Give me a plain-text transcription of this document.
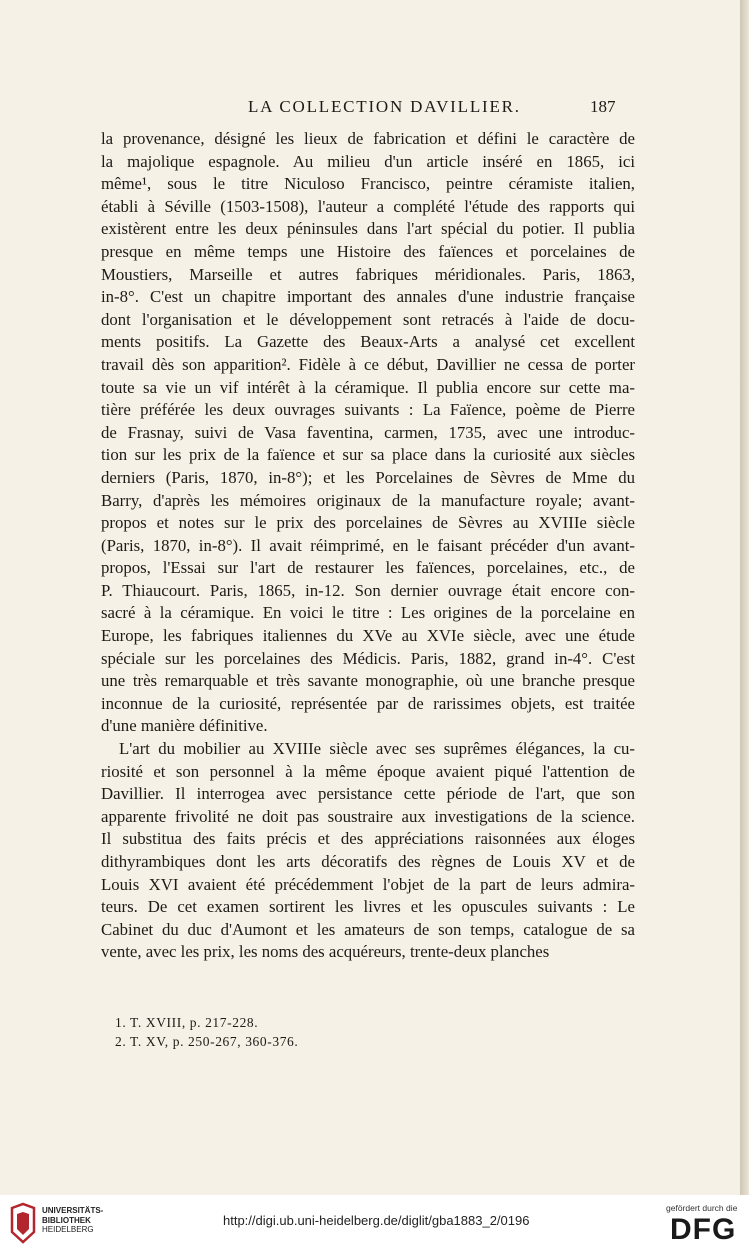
LA COLLECTION DAVILLIER.	187
la provenance, désigné les lieux de fabrication et défini le caractère de
la majolique espagnole. Au milieu d'un article inséré en 1865, ici
même¹, sous le titre Niculoso Francisco, peintre céramiste italien,
établi à Séville (1503-1508), l'auteur a complété l'étude des rapports qui
existèrent entre les deux péninsules dans l'art spécial du potier. Il publia
presque en même temps une Histoire des faïences et porcelaines de
Moustiers, Marseille et autres fabriques méridionales. Paris, 1863,
in-8°. C'est un chapitre important des annales d'une industrie française
dont l'organisation et le développement sont retracés à l'aide de docu-
ments positifs. La Gazette des Beaux-Arts a analysé cet excellent
travail dès son apparition². Fidèle à ce début, Davillier ne cessa de porter
toute sa vie un vif intérêt à la céramique. Il publia encore sur cette ma-
tière préférée les deux ouvrages suivants : La Faïence, poème de Pierre
de Frasnay, suivi de Vasa faventina, carmen, 1735, avec une introduc-
tion sur les prix de la faïence et sur sa place dans la curiosité aux siècles
derniers (Paris, 1870, in-8°); et les Porcelaines de Sèvres de Mme du
Barry, d'après les mémoires originaux de la manufacture royale; avant-
propos et notes sur le prix des porcelaines de Sèvres au XVIIIe siècle
(Paris, 1870, in-8°). Il avait réimprimé, en le faisant précéder d'un avant-
propos, l'Essai sur l'art de restaurer les faïences, porcelaines, etc., de
P. Thiaucourt. Paris, 1865, in-12. Son dernier ouvrage était encore con-
sacré à la céramique. En voici le titre : Les origines de la porcelaine en
Europe, les fabriques italiennes du XVe au XVIe siècle, avec une étude
spéciale sur les porcelaines des Médicis. Paris, 1882, grand in-4°. C'est
une très remarquable et très savante monographie, où une branche presque
inconnue de la curiosité, représentée par de rarissimes objets, est traitée
d'une manière définitive.
L'art du mobilier au XVIIIe siècle avec ses suprêmes élégances, la cu-
riosité et son personnel à la même époque avaient piqué l'attention de
Davillier. Il interrogea avec persistance cette période de l'art, que son
apparente frivolité ne doit pas soustraire aux investigations de la science.
Il substitua des faits précis et des appréciations raisonnées aux éloges
dithyrambiques dont les arts décoratifs des règnes de Louis XV et de
Louis XVI avaient été précédemment l'objet de la part de leurs admira-
teurs. De cet examen sortirent les livres et les opuscules suivants : Le
Cabinet du duc d'Aumont et les amateurs de son temps, catalogue de sa
vente, avec les prix, les noms des acquéreurs, trente-deux planches
1. T. XVIII, p. 217-228.
2. T. XV, p. 250-267, 360-376.
UNIVERSITÄTS-
BIBLIOTHEK
HEIDELBERG
http://digi.ub.uni-heidelberg.de/diglit/gba1883_2/0196
gefördert durch die
DFG
